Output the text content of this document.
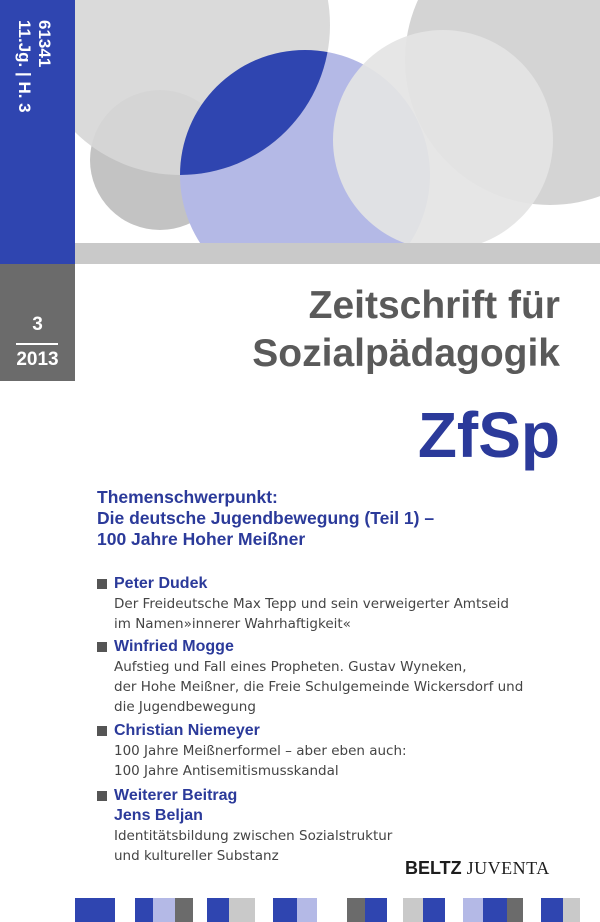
11.Jg. | H. 3 61341
3
2013
Zeitschrift für
Sozialpädagogik
ZfSp
Themenschwerpunkt:
Die deutsche Jugendbewegung (Teil 1) –
100 Jahre Hoher Meißner
Peter Dudek
Der Freideutsche Max Tepp und sein verweigerter Amtseid
im Namen»innerer Wahrhaftigkeit«
Winfried Mogge
Aufstieg und Fall eines Propheten. Gustav Wyneken,
der Hohe Meißner, die Freie Schulgemeinde Wickersdorf und
die Jugendbewegung
Christian Niemeyer
100 Jahre Meißnerformel – aber eben auch:
100 Jahre Antisemitismusskandal
Weiterer Beitrag
Jens Beljan
Identitätsbildung zwischen Sozialstruktur
und kultureller Substanz
BELTZ JUVENTA
